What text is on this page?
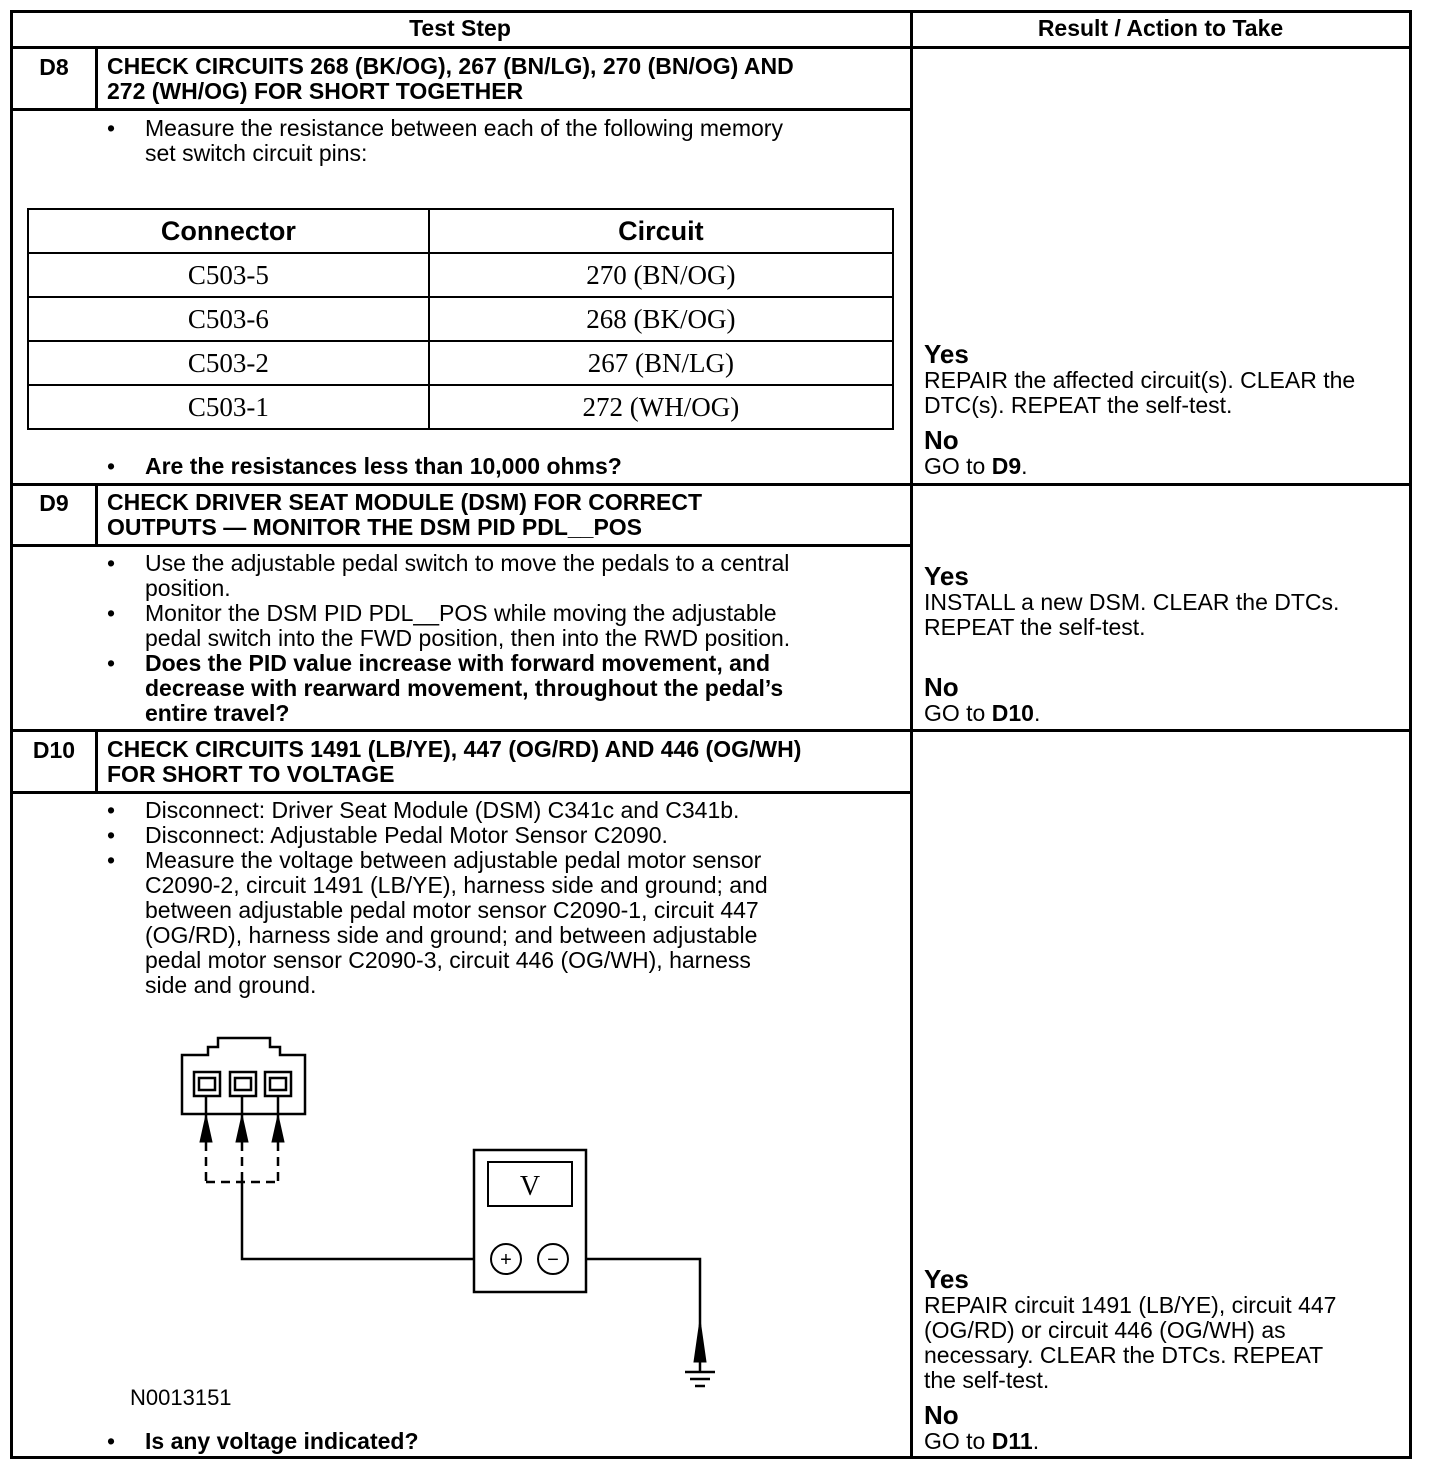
Test Step	Result / Action to Take
D8	CHECK CIRCUITS 268 (BK/OG), 267 (BN/LG), 270 (BN/OG) AND
272 (WH/OG) FOR SHORT TOGETHER
• Measure the resistance between each of the following memory
set switch circuit pins:
Connector	Circuit
C503-5	270 (BN/OG)
C503-6	268 (BK/OG)
C503-2	267 (BN/LG)
C503-1	272 (WH/OG)
• Are the resistances less than 10,000 ohms?
Yes
REPAIR the affected circuit(s). CLEAR the
DTC(s). REPEAT the self-test.
No
GO to D9.
D9	CHECK DRIVER SEAT MODULE (DSM) FOR CORRECT
OUTPUTS — MONITOR THE DSM PID PDL__POS
• Use the adjustable pedal switch to move the pedals to a central
position.
• Monitor the DSM PID PDL__POS while moving the adjustable
pedal switch into the FWD position, then into the RWD position.
• Does the PID value increase with forward movement, and
decrease with rearward movement, throughout the pedal’s
entire travel?
Yes
INSTALL a new DSM. CLEAR the DTCs.
REPEAT the self-test.
No
GO to D10.
D10	CHECK CIRCUITS 1491 (LB/YE), 447 (OG/RD) AND 446 (OG/WH)
FOR SHORT TO VOLTAGE
• Disconnect: Driver Seat Module (DSM) C341c and C341b.
• Disconnect: Adjustable Pedal Motor Sensor C2090.
• Measure the voltage between adjustable pedal motor sensor
C2090-2, circuit 1491 (LB/YE), harness side and ground; and
between adjustable pedal motor sensor C2090-1, circuit 447
(OG/RD), harness side and ground; and between adjustable
pedal motor sensor C2090-3, circuit 446 (OG/WH), harness
side and ground.
V
+ −
N0013151
• Is any voltage indicated?
Yes
REPAIR circuit 1491 (LB/YE), circuit 447
(OG/RD) or circuit 446 (OG/WH) as
necessary. CLEAR the DTCs. REPEAT
the self-test.
No
GO to D11.
